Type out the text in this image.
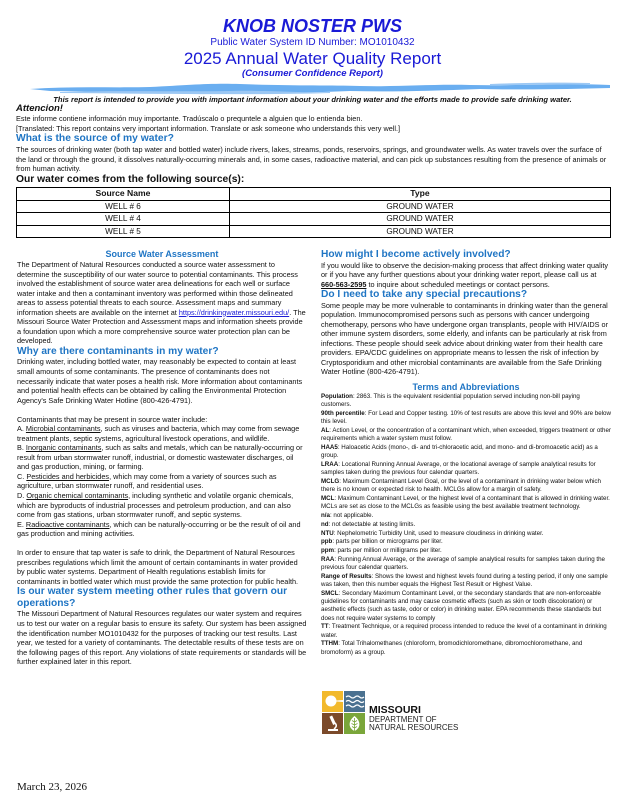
KNOB NOSTER PWS
Public Water System ID Number: MO1010432
2025 Annual Water Quality Report
(Consumer Confidence Report)
This report is intended to provide you with important information about your drinking water and the efforts made to provide safe drinking water.
Attencion!
Este informe contiene información muy importante. Tradúscalo o prequntele a alguien que lo entienda bien.
[Translated: This report contains very important information. Translate or ask someone who understands this very well.]
What is the source of my water?
The sources of drinking water (both tap water and bottled water) include rivers, lakes, streams, ponds, reservoirs, springs, and groundwater wells. As water travels over the surface of the land or through the ground, it dissolves naturally-occurring minerals and, in some cases, radioactive material, and can pick up substances resulting from the presence of animals or from human activity.
Our water comes from the following source(s):
Source Name	Type
WELL # 6	GROUND WATER
WELL # 4	GROUND WATER
WELL # 5	GROUND WATER
Source Water Assessment
The Department of Natural Resources conducted a source water assessment to determine the susceptibility of our water source to potential contaminants. This process involved the establishment of source water area delineations for each well or surface water intake and then a contaminant inventory was performed within those delineated areas to assess potential threats to each source. Assessment maps and summary information sheets are available on the internet at https://drinkingwater.missouri.edu/. The Missouri Source Water Protection and Assessment maps and information sheets provide a foundation upon which a more comprehensive source water protection plan can be developed.
Why are there contaminants in my water?
Drinking water, including bottled water, may reasonably be expected to contain at least small amounts of some contaminants. The presence of contaminants does not necessarily indicate that water poses a health risk. More information about contaminants and potential health effects can be obtained by calling the Environmental Protection Agency's Safe Drinking Water Hotline (800-426-4791).
Contaminants that may be present in source water include:
A. Microbial contaminants, such as viruses and bacteria, which may come from sewage treatment plants, septic systems, agricultural livestock operations, and wildlife.
B. Inorganic contaminants, such as salts and metals, which can be naturally-occurring or result from urban stormwater runoff, industrial, or domestic wastewater discharges, oil and gas production, mining, or farming.
C. Pesticides and herbicides, which may come from a variety of sources such as agriculture, urban stormwater runoff, and residential uses.
D. Organic chemical contaminants, including synthetic and volatile organic chemicals, which are byproducts of industrial processes and petroleum production, and can also come from gas stations, urban stormwater runoff, and septic systems.
E. Radioactive contaminants, which can be naturally-occurring or be the result of oil and gas production and mining activities.
In order to ensure that tap water is safe to drink, the Department of Natural Resources prescribes regulations which limit the amount of certain contaminants in water provided by public water systems. Department of Health regulations establish limits for contaminants in bottled water which must provide the same protection for public health.
Is our water system meeting other rules that govern our operations?
The Missouri Department of Natural Resources regulates our water system and requires us to test our water on a regular basis to ensure its safety. Our system has been assigned the identification number MO1010432 for the purposes of tracking our test results. Last year, we tested for a variety of contaminants. The detectable results of these tests are on the following pages of this report. Any violations of state requirements or standards will be further explained later in this report.
How might I become actively involved?
If you would like to observe the decision-making process that affect drinking water quality or if you have any further questions about your drinking water report, please call us at 660-563-2595 to inquire about scheduled meetings or contact persons.
Do I need to take any special precautions?
Some people may be more vulnerable to contaminants in drinking water than the general population. Immunocompromised persons such as persons with cancer undergoing chemotherapy, persons who have undergone organ transplants, people with HIV/AIDS or other immune system disorders, some elderly, and infants can be particularly at risk from infections. These people should seek advice about drinking water from their health care providers. EPA/CDC guidelines on appropriate means to lessen the risk of infection by Cryptosporidium and other microbial contaminants are available from the Safe Drinking Water Hotline (800-426-4791).
Terms and Abbreviations
Population: 2863. This is the equivalent residential population served including non-bill paying customers.
90th percentile: For Lead and Copper testing. 10% of test results are above this level and 90% are below this level.
AL: Action Level, or the concentration of a contaminant which, when exceeded, triggers treatment or other requirements which a water system must follow.
HAA5: Haloacetic Acids (mono-, di- and tri-chloracetic acid, and mono- and di-bromoacetic acid) as a group.
LRAA: Locational Running Annual Average, or the locational average of sample analytical results for samples taken during the previous four calendar quarters.
MCLG: Maximum Contaminant Level Goal, or the level of a contaminant in drinking water below which there is no known or expected risk to health. MCLGs allow for a margin of safety.
MCL: Maximum Contaminant Level, or the highest level of a contaminant that is allowed in drinking water. MCLs are set as close to the MCLGs as feasible using the best available treatment technology.
n/a: not applicable.
nd: not detectable at testing limits.
NTU: Nephelometric Turbidity Unit, used to measure cloudiness in drinking water.
ppb: parts per billion or micrograms per liter.
ppm: parts per million or milligrams per liter.
RAA: Running Annual Average, or the average of sample analytical results for samples taken during the previous four calendar quarters.
Range of Results: Shows the lowest and highest levels found during a testing period, if only one sample was taken, then this number equals the Highest Test Result or Highest Value.
SMCL: Secondary Maximum Contaminant Level, or the secondary standards that are non-enforceable guidelines for contaminants and may cause cosmetic effects (such as skin or tooth discoloration) or aesthetic effects (such as taste, odor or color) in drinking water. EPA recommends these standards but does not require water systems to comply
TT: Treatment Technique, or a required process intended to reduce the level of a contaminant in drinking water.
TTHM: Total Trihalomethanes (chloroform, bromodichloromethane, dibromochloromethane, and bromoform) as a group.
MISSOURI
DEPARTMENT OF
NATURAL RESOURCES
March 23, 2026
